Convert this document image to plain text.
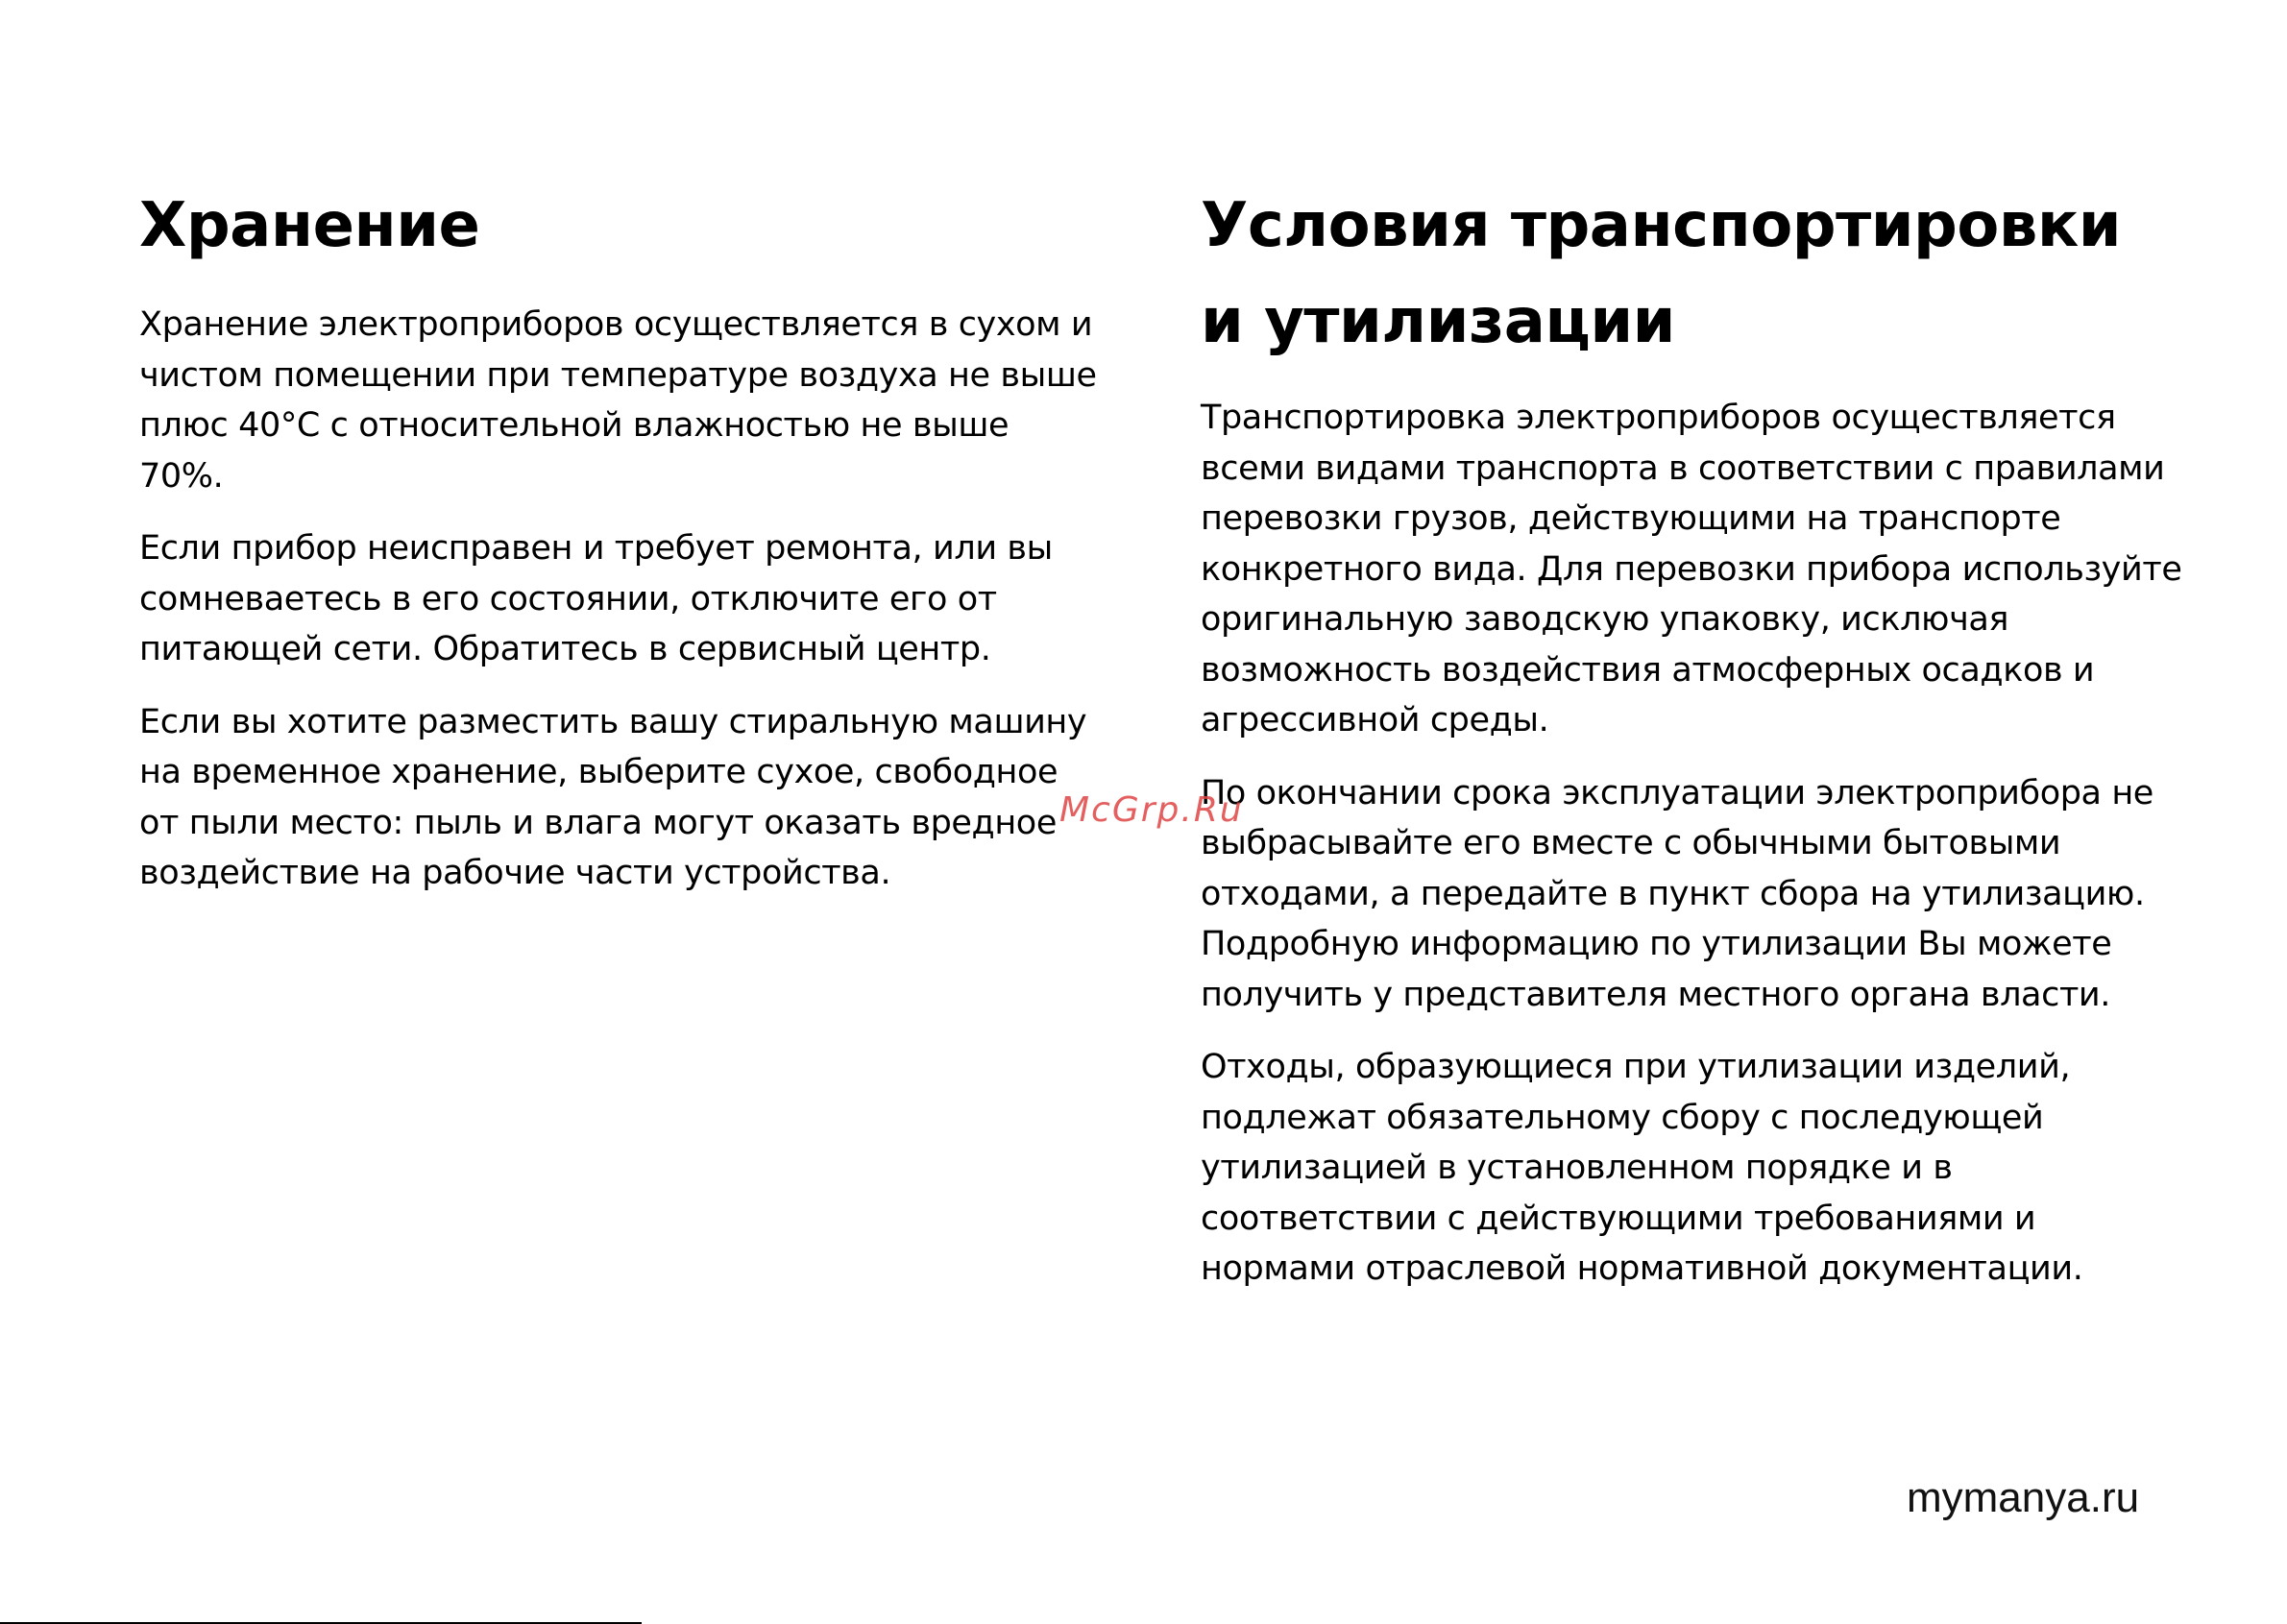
Хранение

Хранение электроприборов осуществляется в сухом и чистом помещении при температуре воздуха не выше плюс 40°С с относительной влажностью не выше 70%.

Если прибор неисправен и требует ремонта, или вы сомневаетесь в его состоянии, отключите его от питающей сети. Обратитесь в сервисный центр.

Если вы хотите разместить вашу стиральную машину на временное хранение, выберите сухое, свободное от пыли место: пыль и влага могут оказать вредное воздействие на рабочие части устройства.

Условия транспортировки и утилизации

Транспортировка электроприборов осуществляется всеми видами транспорта в соответствии с правилами перевозки грузов, действующими на транспорте конкретного вида. Для перевозки прибора используйте оригинальную заводскую упаковку, исключая возможность воздействия атмосферных осадков и агрессивной среды.

По окончании срока эксплуатации электроприбора не выбрасывайте его вместе с обычными бытовыми отходами, а передайте в пункт сбора на утилизацию. Подробную информацию по утилизации Вы можете получить у представителя местного органа власти.

Отходы, образующиеся при утилизации изделий, подлежат обязательному сбору с последующей утилизацией в установленном порядке и в соответствии с действующими требованиями и нормами отраслевой нормативной документации.

McGrp.Ru
mymanya.ru
